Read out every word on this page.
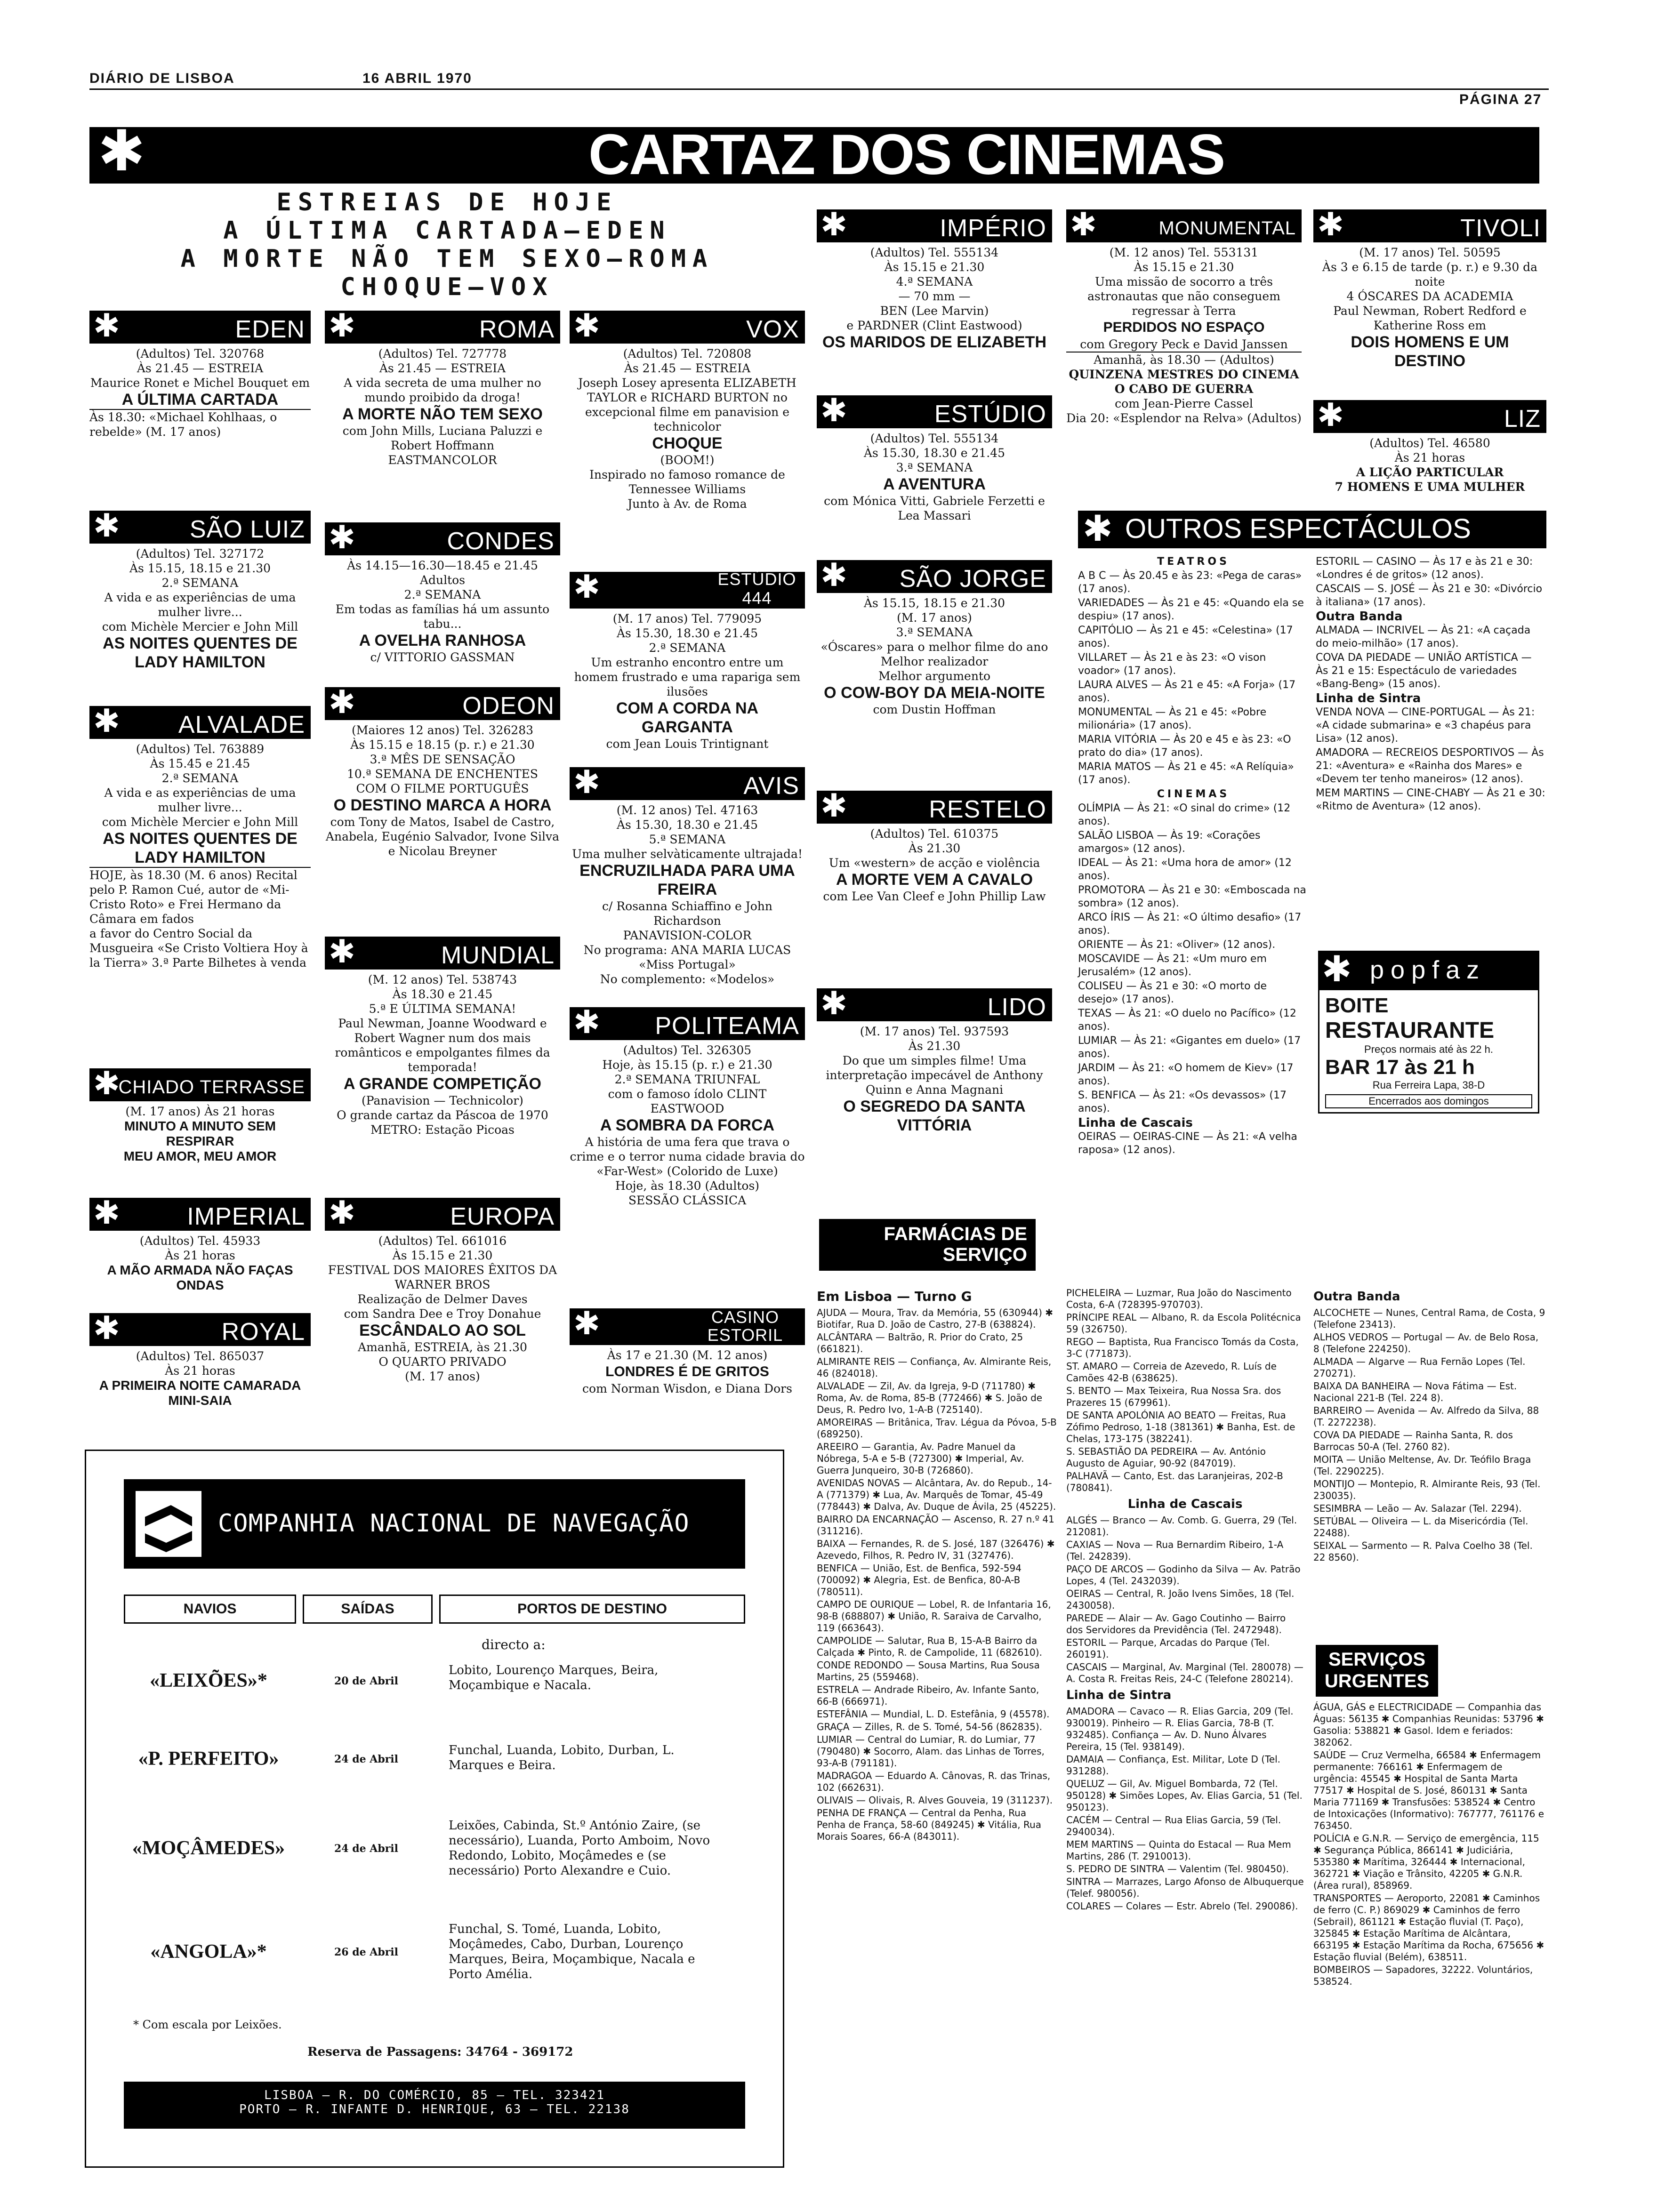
DIÁRIO DE LISBOA	16 ABRIL 1970
PÁGINA 27
✱	CARTAZ DOS CINEMAS
ESTREIAS DE HOJE
A ÚLTIMA CARTADA—EDEN
A MORTE NÃO TEM SEXO—ROMA
CHOQUE—VOX
✱	EDEN

(Adultos) Tel. 320768

Às 21.45 — ESTREIA

Maurice Ronet e Michel Bouquet em

A ÚLTIMA CARTADA

Às 18.30: «Michael Kohlhaas, o rebelde» (M. 17 anos)

✱	SÃO LUIZ

(Adultos) Tel. 327172

Às 15.15, 18.15 e 21.30

2.ª SEMANA

A vida e as experiências de uma mulher livre...

com Michèle Mercier e John Mill

AS NOITES QUENTES DE LADY HAMILTON

✱ ALVALADE

(Adultos) Tel. 763889

Às 15.45 e 21.45

2.ª SEMANA

A vida e as experiências de uma mulher livre...

com Michèle Mercier e John Mill

AS NOITES QUENTES DE LADY HAMILTON

HOJE, às 18.30 (M. 6 anos) Recital pelo P. Ramon Cué, autor de «Mi-Cristo Roto» e Frei Hermano da Câmara em fados

a favor do Centro Social da Musgueira «Se Cristo Voltiera Hoy à la Tierra» 3.ª Parte Bilhetes à venda

✱
CHIADO TERRASSE

(M. 17 anos) Às 21 horas

MINUTO A MINUTO SEM RESPIRAR

MEU AMOR, MEU AMOR

✱	IMPERIAL

(Adultos) Tel. 45933

Às 21 horas

A MÃO ARMADA NÃO FAÇAS ONDAS

✱	ROYAL

(Adultos) Tel. 865037

Às 21 horas

A PRIMEIRA NOITE CAMARADA MINI-SAIA

✱	ROMA

(Adultos) Tel. 727778

Às 21.45 — ESTREIA

A vida secreta de uma mulher no mundo proibido da droga!

A MORTE NÃO TEM SEXO

com John Mills, Luciana Paluzzi e Robert Hoffmann

EASTMANCOLOR

✱	CONDES

Às 14.15—16.30—18.45 e 21.45

Adultos

2.ª SEMANA

Em todas as famílias há um assunto tabu...

A OVELHA RANHOSA

c/ VITTORIO GASSMAN

✱	ODEON

(Maiores 12 anos) Tel. 326283

Às 15.15 e 18.15 (p. r.) e 21.30

3.ª MÊS DE SENSAÇÃO

10.ª SEMANA DE ENCHENTES

COM O FILME PORTUGUÊS

O DESTINO MARCA A HORA

com Tony de Matos, Isabel de Castro, Anabela, Eugénio Salvador, Ivone Silva e Nicolau Breyner

✱	MUNDIAL

(M. 12 anos) Tel. 538743

Às 18.30 e 21.45

5.ª E ÚLTIMA SEMANA!

Paul Newman, Joanne Woodward e Robert Wagner num dos mais românticos e empolgantes filmes da temporada!

A GRANDE COMPETIÇÃO

(Panavision — Technicolor)

O grande cartaz da Páscoa de 1970

METRO: Estação Picoas

✱	EUROPA

(Adultos) Tel. 661016

Às 15.15 e 21.30

FESTIVAL DOS MAIORES ÊXITOS DA WARNER BROS

Realização de Delmer Daves

com Sandra Dee e Troy Donahue

ESCÂNDALO AO SOL

Amanhã, ESTREIA, às 21.30

O QUARTO PRIVADO

(M. 17 anos)

✱	VOX

(Adultos) Tel. 720808

Às 21.45 — ESTREIA

Joseph Losey apresenta ELIZABETH TAYLOR e RICHARD BURTON no excepcional filme em panavision e technicolor

CHOQUE

(BOOM!)

Inspirado no famoso romance de Tennessee Williams

Junto à Av. de Roma

✱	ESTÚDIO 444

(M. 17 anos) Tel. 779095

Às 15.30, 18.30 e 21.45

2.ª SEMANA

Um estranho encontro entre um homem frustrado e uma rapariga sem ilusões

COM A CORDA NA GARGANTA

com Jean Louis Trintignant

✱	AVIS

(M. 12 anos) Tel. 47163

Às 15.30, 18.30 e 21.45

5.ª SEMANA

Uma mulher selvàticamente ultrajada!

ENCRUZILHADA PARA UMA FREIRA

c/ Rosanna Schiaffino e John Richardson

PANAVISION-COLOR

No programa: ANA MARIA LUCAS «Miss Portugal»

No complemento: «Modelos»

✱ POLITEAMA

(Adultos) Tel. 326305

Hoje, às 15.15 (p. r.) e 21.30

2.ª SEMANA TRIUNFAL

com o famoso ídolo CLINT EASTWOOD

A SOMBRA DA FORCA

A história de uma fera que trava o crime e o terror numa cidade bravia do «Far-West» (Colorido de Luxe)

Hoje, às 18.30 (Adultos)

SESSÃO CLÁSSICA

✱	CASINO ESTORIL

Às 17 e 21.30 (M. 12 anos)

LONDRES É DE GRITOS

com Norman Wisdon, e Diana Dors

✱	IMPÉRIO

(Adultos) Tel. 555134

Às 15.15 e 21.30

4.ª SEMANA

— 70 mm —

BEN (Lee Marvin)

e PARDNER (Clint Eastwood)

OS MARIDOS DE ELIZABETH

✱	ESTÚDIO

(Adultos) Tel. 555134

Às 15.30, 18.30 e 21.45

3.ª SEMANA

A AVENTURA

com Mónica Vitti, Gabriele Ferzetti e Lea Massari

✱ SÃO JORGE

Às 15.15, 18.15 e 21.30

(M. 17 anos)

3.ª SEMANA

«Óscares» para o melhor filme do ano

Melhor realizador

Melhor argumento

O COW-BOY DA MEIA-NOITE

com Dustin Hoffman

✱	RESTELO

(Adultos) Tel. 610375

Às 21.30

Um «western» de acção e violência

A MORTE VEM A CAVALO

com Lee Van Cleef e John Phillip Law

✱	LIDO

(M. 17 anos) Tel. 937593

Às 21.30

Do que um simples filme! Uma interpretação impecável de Anthony Quinn e Anna Magnani

O SEGREDO DA SANTA VITTÓRIA

✱	MONUMENTAL

(M. 12 anos) Tel. 553131

Às 15.15 e 21.30

Uma missão de socorro a três astronautas que não conseguem regressar à Terra

PERDIDOS NO ESPAÇO

com Gregory Peck e David Janssen

Amanhã, às 18.30 — (Adultos)

QUINZENA MESTRES DO CINEMA

O CABO DE GUERRA

com Jean-Pierre Cassel

Dia 20: «Esplendor na Relva» (Adultos)

✱	TIVOLI

(M. 17 anos) Tel. 50595

Às 3 e 6.15 de tarde (p. r.) e 9.30 da noite

4 ÓSCARES DA ACADEMIA

Paul Newman, Robert Redford e Katherine Ross em

DOIS HOMENS E UM DESTINO

✱	LIZ

(Adultos) Tel. 46580

Às 21 horas

A LIÇÃO PARTICULAR

7 HOMENS E UMA MULHER

✱ OUTROS ESPECTÁCULOS

TEATROS

A B C — Às 20.45 e às 23: «Pega de caras» (17 anos).

VARIEDADES — Às 21 e 45: «Quando ela se despiu» (17 anos).

CAPITÓLIO — Às 21 e 45: «Celestina» (17 anos).

VILLARET — Às 21 e às 23: «O vison voador» (17 anos).

LAURA ALVES — Às 21 e 45: «A Forja» (17 anos).

MONUMENTAL — Às 21 e 45: «Pobre milionária» (17 anos).

MARIA VITÓRIA — Às 20 e 45 e às 23: «O prato do dia» (17 anos).

MARIA MATOS — Às 21 e 45: «A Relíquia» (17 anos).

CINEMAS

OLÍMPIA — Às 21: «O sinal do crime» (12 anos).

SALÃO LISBOA — Às 19: «Corações amargos» (12 anos).

IDEAL — Às 21: «Uma hora de amor» (12 anos).

PROMOTORA — Às 21 e 30: «Emboscada na sombra» (12 anos).

ARCO ÍRIS — Às 21: «O último desafio» (17 anos).

ORIENTE — Às 21: «Oliver» (12 anos).

MOSCAVIDE — Às 21: «Um muro em Jerusalém» (12 anos).

COLISEU — Às 21 e 30: «O morto de desejo» (17 anos).

TEXAS — Às 21: «O duelo no Pacífico» (12 anos).

LUMIAR — Às 21: «Gigantes em duelo» (17 anos).

JARDIM — Às 21: «O homem de Kiev» (17 anos).

S. BENFICA — Às 21: «Os devassos» (17 anos).

Linha de Cascais

OEIRAS — OEIRAS-CINE — Às 21: «A velha raposa» (12 anos).

ESTORIL — CASINO — Às 17 e às 21 e 30: «Londres é de gritos» (12 anos).

CASCAIS — S. JOSÉ — Às 21 e 30: «Divórcio à italiana» (17 anos).

Outra Banda

ALMADA — INCRIVEL — Às 21: «A caçada do meio-milhão» (17 anos).

COVA DA PIEDADE — UNIÃO ARTÍSTICA — Às 21 e 15: Espectáculo de variedades «Bang-Beng» (15 anos).

Linha de Sintra

VENDA NOVA — CINE-PORTUGAL — Às 21: «A cidade submarina» e «3 chapéus para Lisa» (12 anos).

AMADORA — RECREIOS DESPORTIVOS — Às 21: «Aventura» e «Rainha dos Mares» e «Devem ter tenho maneiros» (12 anos).

MEM MARTINS — CINE-CHABY — Às 21 e 30: «Ritmo de Aventura» (12 anos).

✱ popfaz
BOITE
RESTAURANTE
Preços normais até às 22 h.
BAR 17 às 21 h
Rua Ferreira Lapa, 38-D
Encerrados aos domingos
FARMÁCIAS DE SERVIÇO

Em Lisboa — Turno G

AJUDA — Moura, Trav. da Memória, 55 (630944) ✱ Biotifar, Rua D. João de Castro, 27-B (638824).

ALCÂNTARA — Baltrão, R. Prior do Crato, 25 (661821).

ALMIRANTE REIS — Confiança, Av. Almirante Reis, 46 (824018).

ALVALADE — Zil, Av. da Igreja, 9-D (711780) ✱ Roma, Av. de Roma, 85-B (772466) ✱ S. João de Deus, R. Pedro Ivo, 1-A-B (725140).

AMOREIRAS — Britânica, Trav. Légua da Póvoa, 5-B (689250).

AREEIRO — Garantia, Av. Padre Manuel da Nóbrega, 5-A e 5-B (727300) ✱ Imperial, Av. Guerra Junqueiro, 30-B (726860).

AVENIDAS NOVAS — Alcântara, Av. do Repub., 14-A (771379) ✱ Lua, Av. Marquês de Tomar, 45-49 (778443) ✱ Dalva, Av. Duque de Ávila, 25 (45225).

BAIRRO DA ENCARNAÇÃO — Ascenso, R. 27 n.º 41 (311216).

BAIXA — Fernandes, R. de S. José, 187 (326476) ✱ Azevedo, Filhos, R. Pedro IV, 31 (327476).

BENFICA — União, Est. de Benfica, 592-594 (700092) ✱ Alegria, Est. de Benfica, 80-A-B (780511).

CAMPO DE OURIQUE — Lobel, R. de Infantaria 16, 98-B (688807) ✱ União, R. Saraiva de Carvalho, 119 (663643).

CAMPOLIDE — Salutar, Rua B, 15-A-B Bairro da Calçada ✱ Pinto, R. de Campolide, 11 (682610).

CONDE REDONDO — Sousa Martins, Rua Sousa Martins, 25 (559468).

ESTRELA — Andrade Ribeiro, Av. Infante Santo, 66-B (666971).

ESTEFÂNIA — Mundial, L. D. Estefânia, 9 (45578).

GRAÇA — Zilles, R. de S. Tomé, 54-56 (862835).

LUMIAR — Central do Lumiar, R. do Lumiar, 77 (790480) ✱ Socorro, Alam. das Linhas de Torres, 93-A-B (791181).

MADRAGOA — Eduardo A. Cânovas, R. das Trinas, 102 (662631).

OLIVAIS — Olivais, R. Alves Gouveia, 19 (311237).

PENHA DE FRANÇA — Central da Penha, Rua Penha de França, 58-60 (849245) ✱ Vitália, Rua Morais Soares, 66-A (843011).

PICHELEIRA — Luzmar, Rua João do Nascimento Costa, 6-A (728395-970703).

PRÍNCIPE REAL — Albano, R. da Escola Politécnica 59 (326750).

REGO — Baptista, Rua Francisco Tomás da Costa, 3-C (771873).

ST. AMARO — Correia de Azevedo, R. Luís de Camões 42-B (638625).

S. BENTO — Max Teixeira, Rua Nossa Sra. dos Prazeres 15 (679961).

DE SANTA APOLÓNIA AO BEATO — Freitas, Rua Zófimo Pedroso, 1-18 (381361) ✱ Banha, Est. de Chelas, 173-175 (382241).

S. SEBASTIÃO DA PEDREIRA — Av. António Augusto de Aguiar, 90-92 (847019).

PALHAVÃ — Canto, Est. das Laranjeiras, 202-B (780841).

Linha de Cascais

ALGÉS — Branco — Av. Comb. G. Guerra, 29 (Tel. 212081).

CAXIAS — Nova — Rua Bernardim Ribeiro, 1-A (Tel. 242839).

PAÇO DE ARCOS — Godinho da Silva — Av. Patrão Lopes, 4 (Tel. 2432039).

OEIRAS — Central, R. João Ivens Simões, 18 (Tel. 2430058).

PAREDE — Alair — Av. Gago Coutinho — Bairro dos Servidores da Previdência (Tel. 2472948).

ESTORIL — Parque, Arcadas do Parque (Tel. 260191).

CASCAIS — Marginal, Av. Marginal (Tel. 280078) — A. Costa R. Freitas Reis, 24-C (Telefone 280214).

Linha de Sintra

AMADORA — Cavaco — R. Elias Garcia, 209 (Tel. 930019). Pinheiro — R. Elias Garcia, 78-B (T. 932485). Confiança — Av. D. Nuno Álvares Pereira, 15 (Tel. 938149).

DAMAIA — Confiança, Est. Militar, Lote D (Tel. 931288).

QUELUZ — Gil, Av. Miguel Bombarda, 72 (Tel. 950128) ✱ Simões Lopes, Av. Elias Garcia, 51 (Tel. 950123).

CACÉM — Central — Rua Elias Garcia, 59 (Tel. 2940034).

MEM MARTINS — Quinta do Estacal — Rua Mem Martins, 286 (T. 2910013).

S. PEDRO DE SINTRA — Valentim (Tel. 980450).

SINTRA — Marrazes, Largo Afonso de Albuquerque (Telef. 980056).

COLARES — Colares — Estr. Abrelo (Tel. 290086).

Outra Banda

ALCOCHETE — Nunes, Central Rama, de Costa, 9 (Telefone 23413).

ALHOS VEDROS — Portugal — Av. de Belo Rosa, 8 (Telefone 224250).

ALMADA — Algarve — Rua Fernão Lopes (Tel. 270271).

BAIXA DA BANHEIRA — Nova Fátima — Est. Nacional 221-B (Tel. 224 8).

BARREIRO — Avenida — Av. Alfredo da Silva, 88 (T. 2272238).

COVA DA PIEDADE — Rainha Santa, R. dos Barrocas 50-A (Tel. 2760 82).

MOITA — União Meltense, Av. Dr. Teófilo Braga (Tel. 2290225).

MONTIJO — Montepio, R. Almirante Reis, 93 (Tel. 230035).

SESIMBRA — Leão — Av. Salazar (Tel. 2294).

SETÚBAL — Oliveira — L. da Misericórdia (Tel. 22488).

SEIXAL — Sarmento — R. Palva Coelho 38 (Tel. 22 8560).

SERVIÇOS URGENTES

ÁGUA, GÁS e ELECTRICIDADE — Companhia das Águas: 56135 ✱ Companhias Reunidas: 53796 ✱ Gasolia: 538821 ✱ Gasol. Idem e feriados: 382062.

SAÚDE — Cruz Vermelha, 66584 ✱ Enfermagem permanente: 766161 ✱ Enfermagem de urgência: 45545 ✱ Hospital de Santa Marta 77517 ✱ Hospital de S. José, 860131 ✱ Santa Maria 771169 ✱ Transfusões: 538524 ✱ Centro de Intoxicações (Informativo): 767777, 761176 e 763450.

POLÍCIA e G.N.R. — Serviço de emergência, 115 ✱ Segurança Pública, 866141 ✱ Judiciária, 535380 ✱ Marítima, 326444 ✱ Internacional, 362721 ✱ Viação e Trânsito, 42205 ✱ G.N.R. (Área rural), 858969.

TRANSPORTES — Aeroporto, 22081 ✱ Caminhos de ferro (C. P.) 869029 ✱ Caminhos de ferro (Sebrail), 861121 ✱ Estação fluvial (T. Paço), 325845 ✱ Estação Marítima de Alcântara, 663195 ✱ Estação Marítima da Rocha, 675656 ✱ Estação fluvial (Belém), 638511.

BOMBEIROS — Sapadores, 32222. Voluntários, 538524.

COMPANHIA NACIONAL DE NAVEGAÇÃO
NAVIOS	SAÍDAS	PORTOS DE DESTINO
directo a:
«LEIXÕES»*	20 de Abril
Lobito, Lourenço Marques, Beira, Moçambique e Nacala.
«P. PERFEITO»	24 de Abril
Funchal, Luanda, Lobito, Durban, L. Marques e Beira.
«MOÇÂMEDES»	24 de Abril
Leixões, Cabinda, St.º António Zaire, (se necessário), Luanda, Porto Amboim, Novo Redondo, Lobito, Moçâmedes e (se necessário) Porto Alexandre e Cuio.
«ANGOLA»*	26 de Abril
Funchal, S. Tomé, Luanda, Lobito, Moçâmedes, Cabo, Durban, Lourenço Marques, Beira, Moçambique, Nacala e Porto Amélia.
* Com escala por Leixões.
Reserva de Passagens: 34764 - 369172
LISBOA — R. DO COMÉRCIO, 85 — TEL. 323421
PORTO — R. INFANTE D. HENRIQUE, 63 — TEL. 22138
